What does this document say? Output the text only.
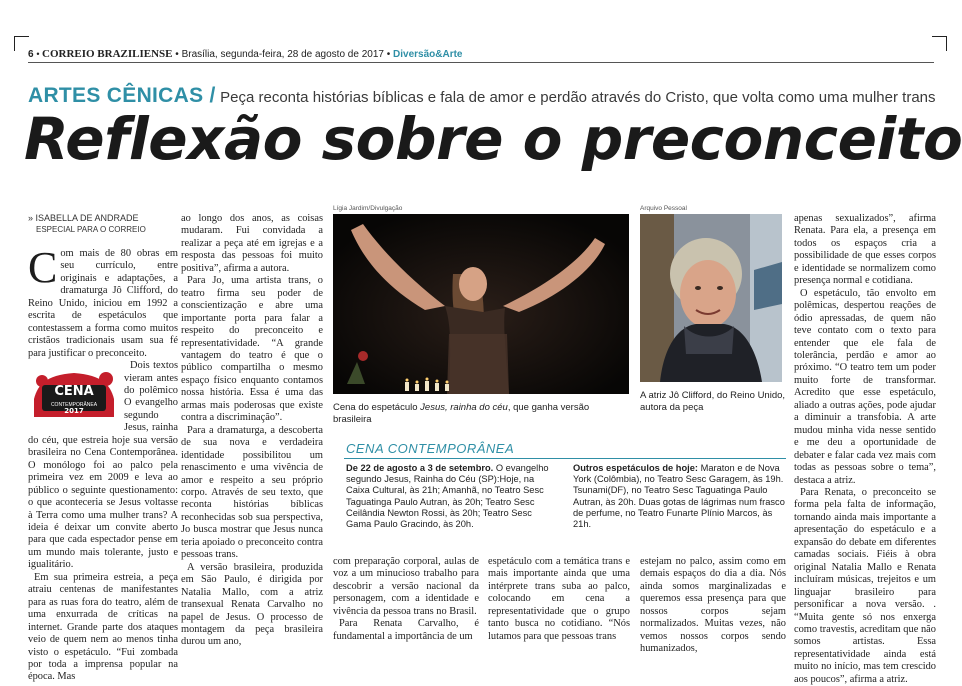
6 • CORREIO BRAZILIENSE • Brasília, segunda-feira, 28 de agosto de 2017 • Diversão&Arte
ARTES CÊNICAS / Peça reconta histórias bíblicas e fala de amor e perdão através do Cristo, que volta como uma mulher trans
Reflexão sobre o preconceito
» ISABELLA DE ANDRADE
ESPECIAL PARA O CORREIO

Com mais de 80 obras em seu currículo, entre originais e adaptações, a dramaturga Jô Clifford, do Reino Unido, iniciou em 1992 a escrita de espetáculos que contestassem a forma como muitos cristãos tradicionais usam sua fé para justificar o preconceito.

CENA
CONTEMPORÂNEA
2017

Dois textos vieram antes do polêmico O evangelho segundo Jesus, rainha do céu, que estreia hoje sua versão brasileira no Cena Contemporânea. O monólogo foi ao palco pela primeira vez em 2009 e leva ao público o seguinte questionamento: o que aconteceria se Jesus voltasse à Terra como uma mulher trans? A ideia é deixar um convite aberto para que cada espectador pense em um mundo mais tolerante, justo e igualitário.

Em sua primeira estreia, a peça atraiu centenas de manifestantes para as ruas fora do teatro, além de uma enxurrada de críticas na internet. Grande parte dos ataques veio de quem nem ao menos tinha visto o espetáculo. “Fui zombada por toda a imprensa popular na época. Mas

ao longo dos anos, as coisas mudaram. Fui convidada a realizar a peça até em igrejas e a resposta das pessoas foi muito positiva”, afirma a autora.

Para Jo, uma artista trans, o teatro firma seu poder de conscientização e abre uma importante porta para falar a respeito do preconceito e representatividade. “A grande vantagem do teatro é que o público compartilha o mesmo espaço físico enquanto contamos nossa história. Essa é uma das armas mais poderosas que existe contra a discriminação”.

Para a dramaturga, a descoberta de sua nova e verdadeira identidade possibilitou um renascimento e uma vivência de amor e respeito a seu próprio corpo. Através de seu texto, que reconta histórias bíblicas reconhecidas sob sua perspectiva, Jo busca mostrar que Jesus nunca teria apoiado o preconceito contra pessoas trans.

A versão brasileira, produzida em São Paulo, é dirigida por Natalia Mallo, com a atriz transexual Renata Carvalho no papel de Jesus. O processo de montagem da peça brasileira durou um ano,

Lígia Jardim/Divulgação
Cena do espetáculo Jesus, rainha do céu, que ganha versão brasileira
Arquivo Pessoal
A atriz Jô Clifford, do Reino Unido, autora da peça
CENA CONTEMPORÂNEA
De 22 de agosto a 3 de setembro. O evangelho segundo Jesus, Rainha do Céu (SP):Hoje, na Caixa Cultural, às 21h; Amanhã, no Teatro Sesc Taguatinga Paulo Autran, às 20h; Teatro Sesc Ceilândia Newton Rossi, às 20h; Teatro Sesc Gama Paulo Gracindo, às 20h.
Outros espetáculos de hoje: Maraton e de Nova York (Colômbia), no Teatro Sesc Garagem, às 19h. Tsunami(DF), no Teatro Sesc Taguatinga Paulo Autran, às 20h. Duas gotas de lágrimas num frasco de perfume, no Teatro Funarte Plínio Marcos, às 21h.

com preparação corporal, aulas de voz a um minucioso trabalho para descobrir a versão nacional da personagem, com a identidade e vivência da pessoa trans no Brasil.

Para Renata Carvalho, é fundamental a importância de um

espetáculo com a temática trans e mais importante ainda que uma intérprete trans suba ao palco, colocando em cena a representatividade que o grupo tanto busca no cotidiano. “Nós lutamos para que pessoas trans

estejam no palco, assim como em demais espaços do dia a dia. Nós ainda somos marginalizadas e queremos essa presença para que nossos corpos sejam normalizados. Muitas vezes, não vemos nossos corpos sendo humanizados,

apenas sexualizados”, afirma Renata. Para ela, a presença em todos os espaços cria a possibilidade de que esses corpos e identidade se normalizem como presença normal e cotidiana.

O espetáculo, tão envolto em polêmicas, despertou reações de ódio apressadas, de quem não teve contato com o texto para entender que ele fala de tolerância, perdão e amor ao próximo. “O teatro tem um poder muito forte de transformar. Acredito que esse espetáculo, aliado a outras ações, pode ajudar a diminuir a transfobia. A arte mudou minha vida nesse sentido e me deu a oportunidade de debater e falar cada vez mais com todas as pessoas sobre o tema”, destaca a atriz.

Para Renata, o preconceito se forma pela falta de informação, tornando ainda mais importante a apresentação do espetáculo e a expansão do debate em diferentes camadas sociais. Fiéis à obra original Natalia Mallo e Renata incluíram músicas, trejeitos e um linguajar brasileiro para personificar a nova versão. . “Muita gente só nos enxerga como travestis, acreditam que não somos artistas. Essa representatividade ainda está muito no início, mas tem crescido aos poucos”, afirma a atriz.
